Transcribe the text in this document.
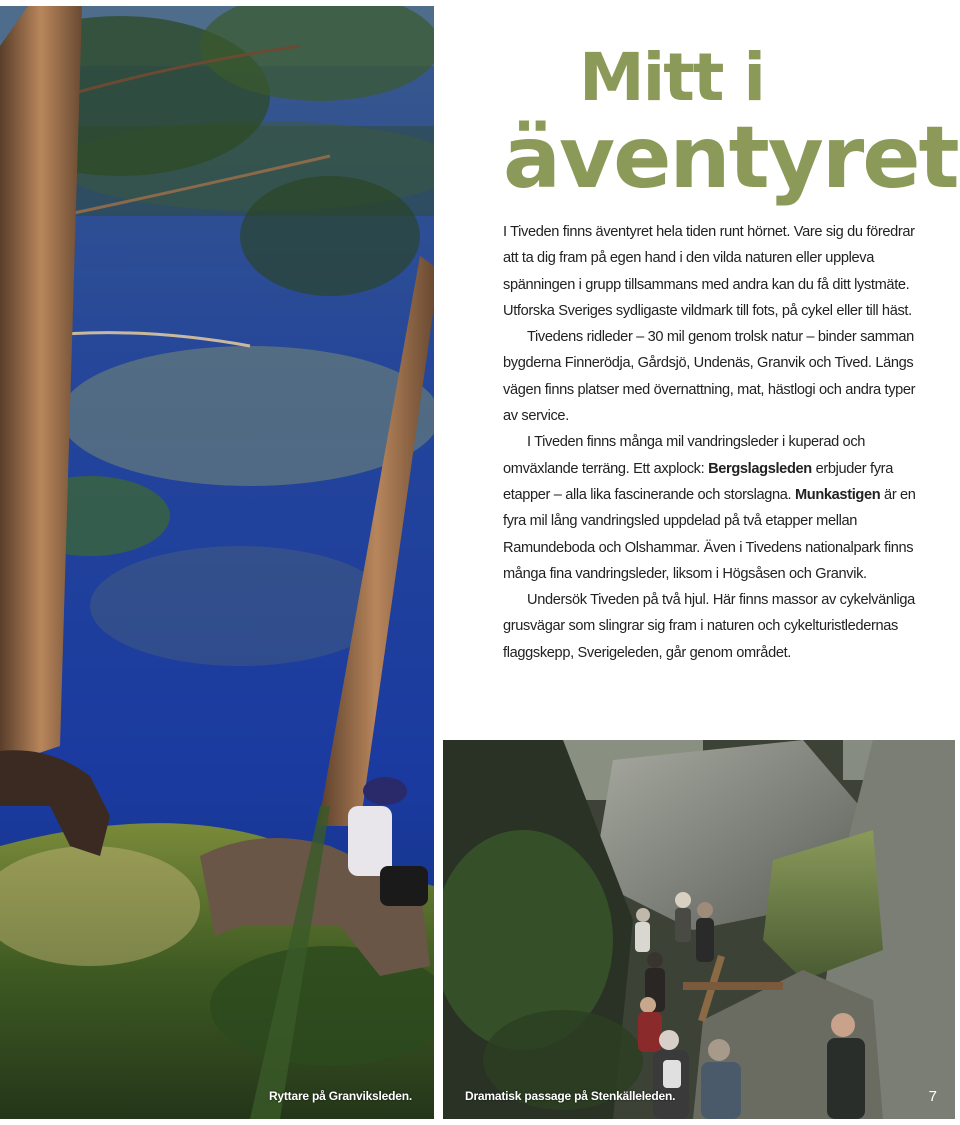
Ryttare på Granviksleden.
Mitt i
äventyret

I Tiveden finns äventyret hela tiden runt hörnet. Vare sig du föredrar att ta dig fram på egen hand i den vilda naturen eller uppleva spänningen i grupp tillsammans med andra kan du få ditt lystmäte. Utforska Sveriges sydligaste vildmark till fots, på cykel eller till häst.

Tivedens ridleder – 30 mil genom trolsk natur – binder samman bygderna Finnerödja, Gårdsjö, Undenäs, Granvik och Tived. Längs vägen finns platser med övernattning, mat, hästlogi och andra typer av service.

I Tiveden finns många mil vandringsleder i kuperad och omväxlande terräng. Ett axplock: Bergslagsleden erbjuder fyra etapper – alla lika fascinerande och storslagna. Munkastigen är en fyra mil lång vandringsled uppdelad på två etapper mellan Ramundeboda och Olshammar. Även i Tivedens nationalpark finns många fina vandringsleder, liksom i Högsåsen och Granvik.

Undersök Tiveden på två hjul. Här finns massor av cykelvänliga grusvägar som slingrar sig fram i naturen och cykelturistledernas flaggskepp, Sverigeleden, går genom området.

Dramatisk passage på Stenkälleleden.	7
